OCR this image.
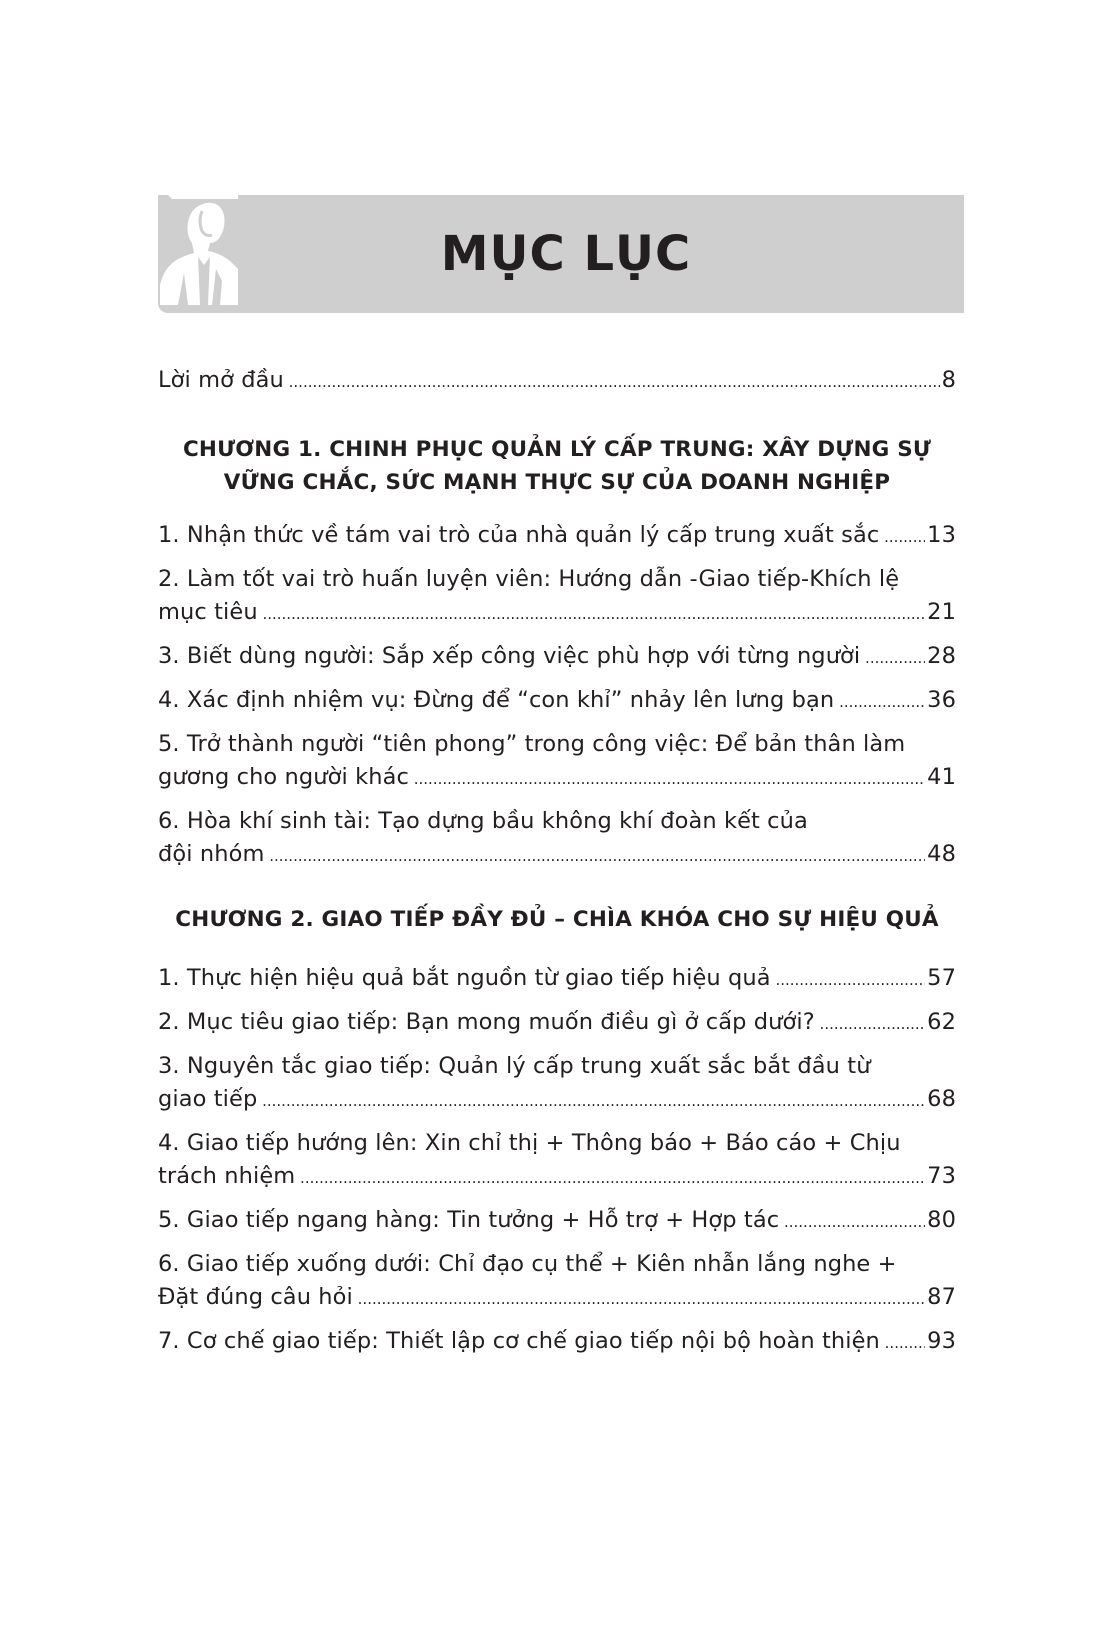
MỤC LỤC
Lời mở đầu .....	8
CHƯƠNG 1. CHINH PHỤC QUẢN LÝ CẤP TRUNG: XÂY DỰNG SỰ
VỮNG CHẮC, SỨC MẠNH THỰC SỰ CỦA DOANH NGHIỆP
1. Nhận thức về tám vai trò của nhà quản lý cấp trung xuất sắc .....	13
2. Làm tốt vai trò huấn luyện viên: Hướng dẫn -Giao tiếp-Khích lệ
mục tiêu .....	21
3. Biết dùng người: Sắp xếp công việc phù hợp với từng người .....	28
4. Xác định nhiệm vụ: Đừng để “con khỉ” nhảy lên lưng bạn .....	36
5. Trở thành người “tiên phong” trong công việc: Để bản thân làm
gương cho người khác .....	41
6. Hòa khí sinh tài: Tạo dựng bầu không khí đoàn kết của
đội nhóm .....	48
CHƯƠNG 2. GIAO TIẾP ĐẦY ĐỦ – CHÌA KHÓA CHO SỰ HIỆU QUẢ
1. Thực hiện hiệu quả bắt nguồn từ giao tiếp hiệu quả .....	57
2. Mục tiêu giao tiếp: Bạn mong muốn điều gì ở cấp dưới? .....	62
3. Nguyên tắc giao tiếp: Quản lý cấp trung xuất sắc bắt đầu từ
giao tiếp .....	68
4. Giao tiếp hướng lên: Xin chỉ thị + Thông báo + Báo cáo + Chịu
trách nhiệm .....	73
5. Giao tiếp ngang hàng: Tin tưởng + Hỗ trợ + Hợp tác .....	80
6. Giao tiếp xuống dưới: Chỉ đạo cụ thể + Kiên nhẫn lắng nghe +
Đặt đúng câu hỏi .....	87
7. Cơ chế giao tiếp: Thiết lập cơ chế giao tiếp nội bộ hoàn thiện .....	93
